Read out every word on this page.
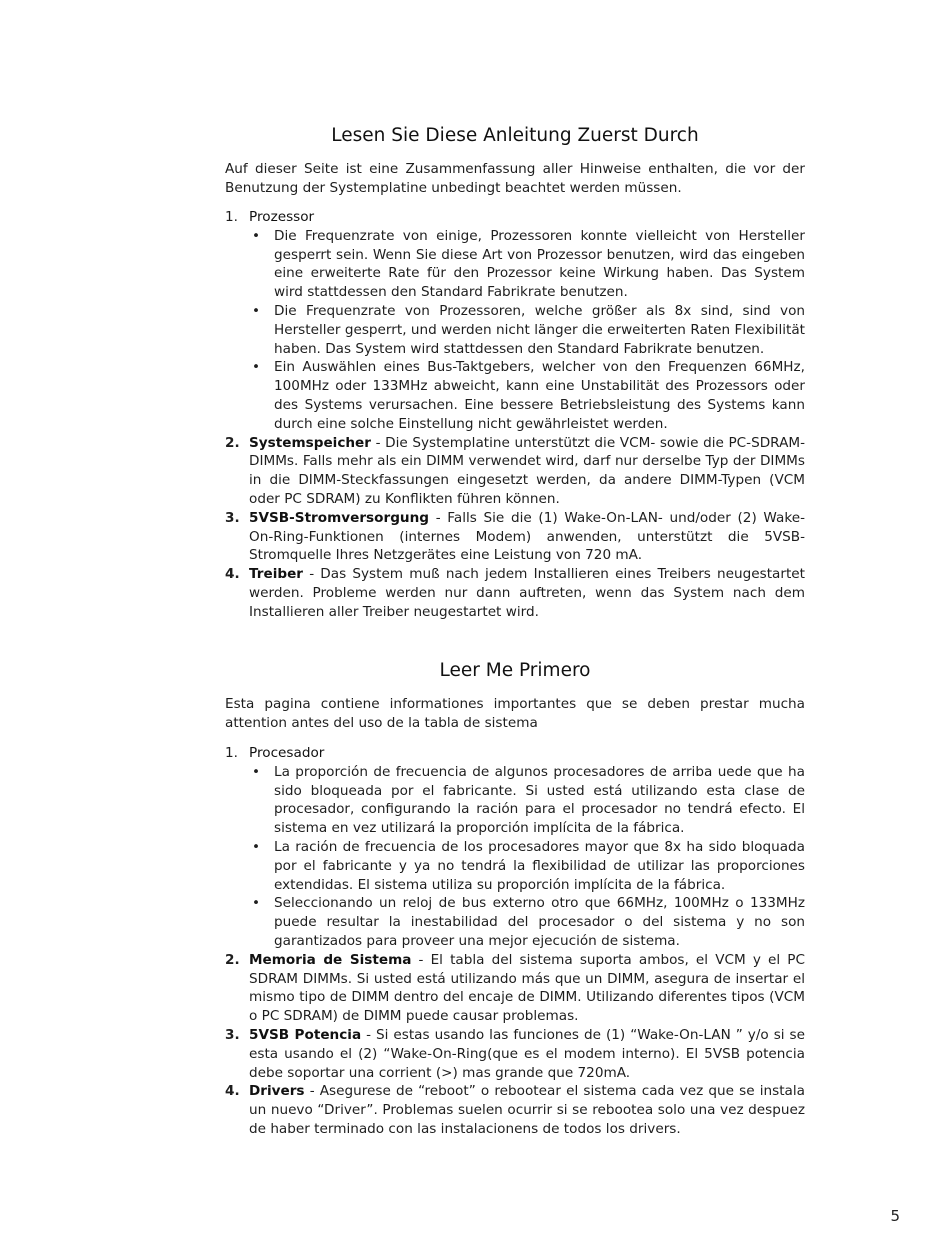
Lesen Sie Diese Anleitung Zuerst Durch

Auf dieser Seite ist eine Zusammenfassung aller Hinweise enthalten, die vor der Benutzung der Systemplatine unbedingt beachtet werden müssen.

1. Prozessor
• Die Frequenzrate von einige, Prozessoren konnte vielleicht von Hersteller gesperrt sein. Wenn Sie diese Art von Prozessor benutzen, wird das eingeben eine erweiterte Rate für den Prozessor keine Wirkung haben. Das System wird stattdessen den Standard Fabrikrate benutzen.
• Die Frequenzrate von Prozessoren, welche größer als 8x sind, sind von Hersteller gesperrt, und werden nicht länger die erweiterten Raten Flexibilität haben. Das System wird stattdessen den Standard Fabrikrate benutzen.
• Ein Auswählen eines Bus-Taktgebers, welcher von den Frequenzen 66MHz, 100MHz oder 133MHz abweicht, kann eine Unstabilität des Prozessors oder des Systems verursachen. Eine bessere Betriebsleistung des Systems kann durch eine solche Einstellung nicht gewährleistet werden.
2. Systemspeicher - Die Systemplatine unterstützt die VCM- sowie die PC-SDRAM-DIMMs. Falls mehr als ein DIMM verwendet wird, darf nur derselbe Typ der DIMMs in die DIMM-Steckfassungen eingesetzt werden, da andere DIMM-Typen (VCM oder PC SDRAM) zu Konflikten führen können.
3. 5VSB-Stromversorgung - Falls Sie die (1) Wake-On-LAN- und/oder (2) Wake-On-Ring-Funktionen (internes Modem) anwenden, unterstützt die 5VSB-Stromquelle Ihres Netzgerätes eine Leistung von 720 mA.
4. Treiber - Das System muß nach jedem Installieren eines Treibers neugestartet werden. Probleme werden nur dann auftreten, wenn das System nach dem Installieren aller Treiber neugestartet wird.
Leer Me Primero

Esta pagina contiene informationes importantes que se deben prestar mucha attention antes del uso de la tabla de sistema

1. Procesador
• La proporción de frecuencia de algunos procesadores de arriba uede que ha sido bloqueada por el fabricante. Si usted está utilizando esta clase de procesador, configurando la ración para el procesador no tendrá efecto. El sistema en vez utilizará la proporción implícita de la fábrica.
• La ración de frecuencia de los procesadores mayor que 8x ha sido bloquada por el fabricante y ya no tendrá la flexibilidad de utilizar las proporciones extendidas. El sistema utiliza su proporción implícita de la fábrica.
• Seleccionando un reloj de bus externo otro que 66MHz, 100MHz o 133MHz puede resultar la inestabilidad del procesador o del sistema y no son garantizados para proveer una mejor ejecución de sistema.
2. Memoria de Sistema - El tabla del sistema suporta ambos, el VCM y el PC SDRAM DIMMs. Si usted está utilizando más que un DIMM, asegura de insertar el mismo tipo de DIMM dentro del encaje de DIMM. Utilizando diferentes tipos (VCM o PC SDRAM) de DIMM puede causar problemas.
3. 5VSB Potencia - Si estas usando las funciones de (1) “Wake-On-LAN ” y/o si se esta usando el (2) “Wake-On-Ring(que es el modem interno). El 5VSB potencia debe soportar una corrient (>) mas grande que 720mA.
4. Drivers - Asegurese de “reboot” o rebootear el sistema cada vez que se instala un nuevo “Driver”. Problemas suelen ocurrir si se rebootea solo una vez despuez de haber terminado con las instalacionens de todos los drivers.
5
